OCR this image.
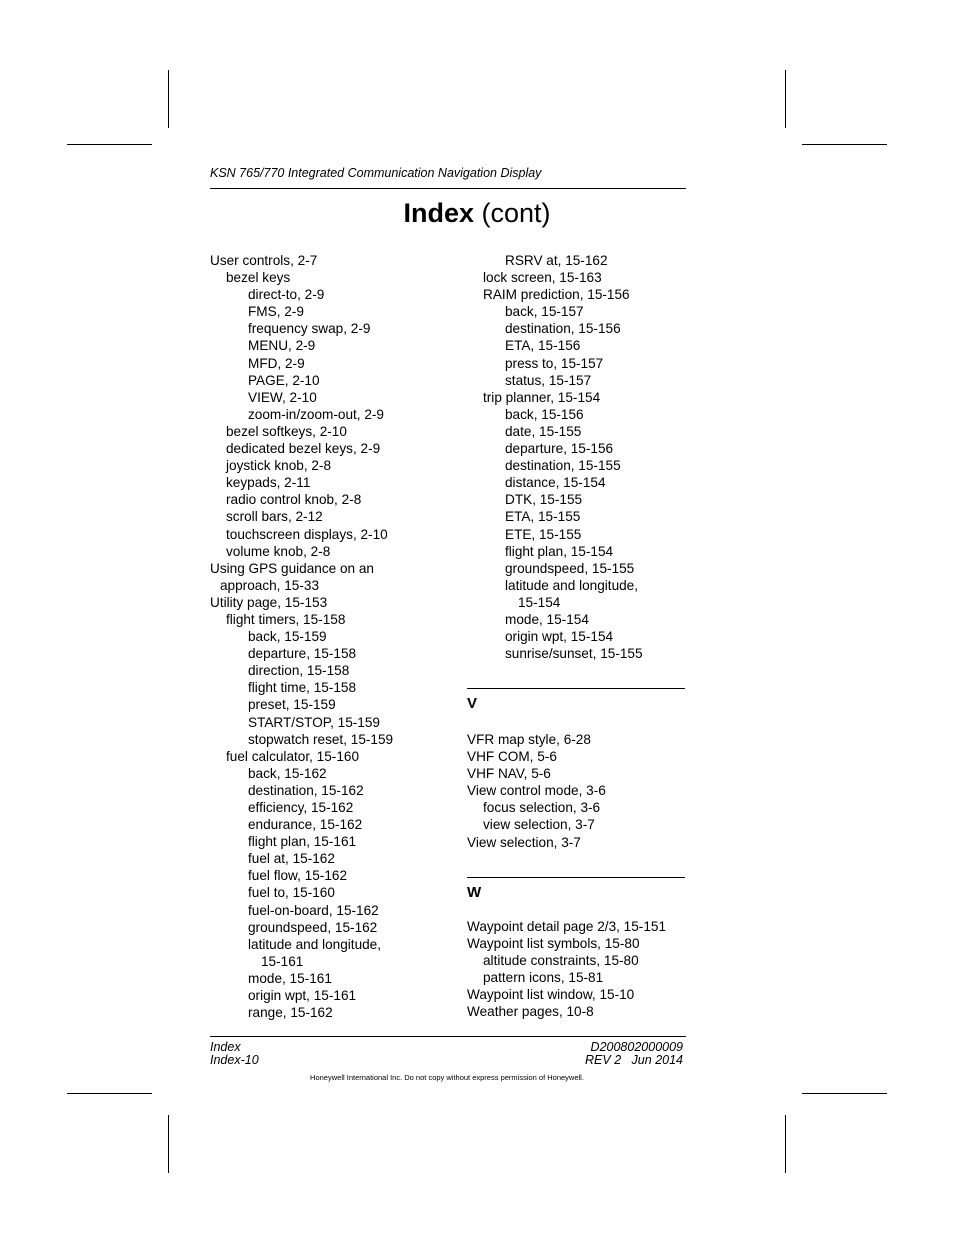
KSN 765/770 Integrated Communication Navigation Display
Index (cont)
User controls, 2-7
bezel keys
direct-to, 2-9
FMS, 2-9
frequency swap, 2-9
MENU, 2-9
MFD, 2-9
PAGE, 2-10
VIEW, 2-10
zoom-in/zoom-out, 2-9
bezel softkeys, 2-10
dedicated bezel keys, 2-9
joystick knob, 2-8
keypads, 2-11
radio control knob, 2-8
scroll bars, 2-12
touchscreen displays, 2-10
volume knob, 2-8
Using GPS guidance on an
approach, 15-33
Utility page, 15-153
flight timers, 15-158
back, 15-159
departure, 15-158
direction, 15-158
flight time, 15-158
preset, 15-159
START/STOP, 15-159
stopwatch reset, 15-159
fuel calculator, 15-160
back, 15-162
destination, 15-162
efficiency, 15-162
endurance, 15-162
flight plan, 15-161
fuel at, 15-162
fuel flow, 15-162
fuel to, 15-160
fuel-on-board, 15-162
groundspeed, 15-162
latitude and longitude,
15-161
mode, 15-161
origin wpt, 15-161
range, 15-162
RSRV at, 15-162
lock screen, 15-163
RAIM prediction, 15-156
back, 15-157
destination, 15-156
ETA, 15-156
press to, 15-157
status, 15-157
trip planner, 15-154
back, 15-156
date, 15-155
departure, 15-156
destination, 15-155
distance, 15-154
DTK, 15-155
ETA, 15-155
ETE, 15-155
flight plan, 15-154
groundspeed, 15-155
latitude and longitude,
15-154
mode, 15-154
origin wpt, 15-154
sunrise/sunset, 15-155
V
VFR map style, 6-28
VHF COM, 5-6
VHF NAV, 5-6
View control mode, 3-6
focus selection, 3-6
view selection, 3-7
View selection, 3-7
W
Waypoint detail page 2/3, 15-151
Waypoint list symbols, 15-80
altitude constraints, 15-80
pattern icons, 15-81
Waypoint list window, 15-10
Weather pages, 10-8
Index
Index-10
D200802000009
REV 2   Jun 2014
Honeywell International Inc. Do not copy without express permission of Honeywell.
